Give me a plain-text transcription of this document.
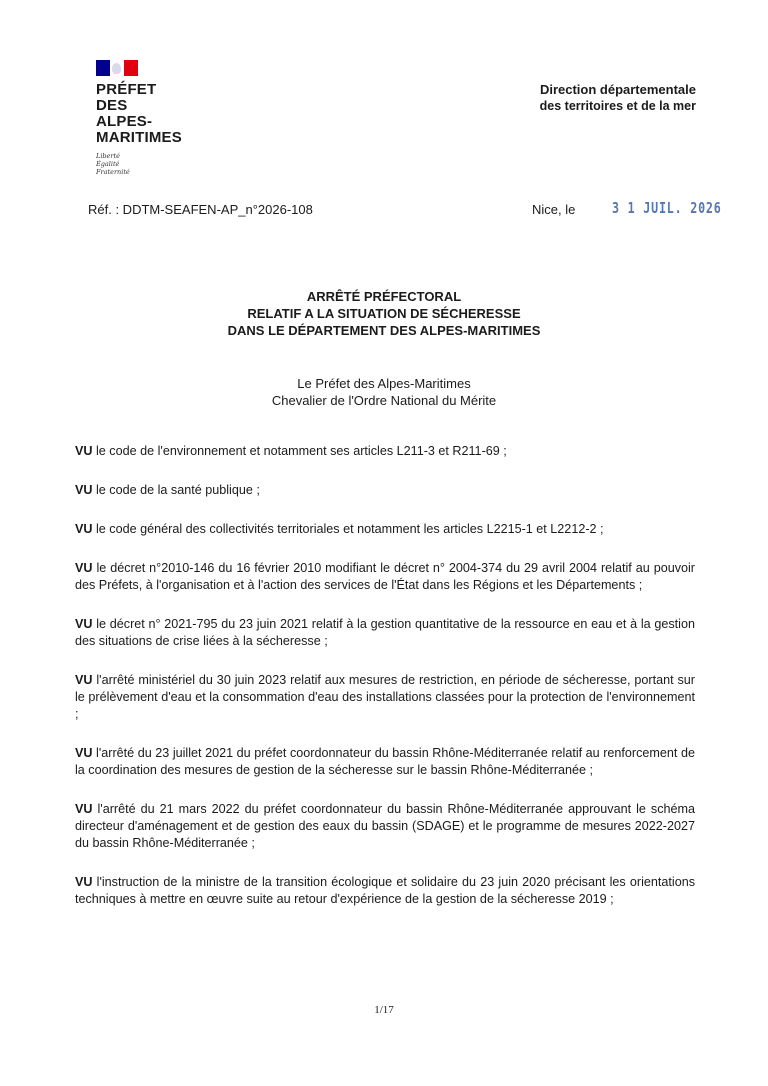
PRÉFET
DES ALPES-
MARITIMES
Liberté
Égalité
Fraternité
Direction départementale
des territoires et de la mer
Réf. : DDTM-SEAFEN-AP_n°2026-108	Nice, le 3 1 JUIL. 2026
ARRÊTÉ PRÉFECTORAL
RELATIF A LA SITUATION DE SÉCHERESSE
DANS LE DÉPARTEMENT DES ALPES-MARITIMES
Le Préfet des Alpes-Maritimes
Chevalier de l'Ordre National du Mérite

VU le code de l'environnement et notamment ses articles L211-3 et R211-69 ;

VU le code de la santé publique ;

VU le code général des collectivités territoriales et notamment les articles L2215-1 et L2212-2 ;

VU le décret n°2010-146 du 16 février 2010 modifiant le décret n° 2004-374 du 29 avril 2004 relatif au pouvoir des Préfets, à l'organisation et à l'action des services de l'État dans les Régions et les Départements ;

VU le décret n° 2021-795 du 23 juin 2021 relatif à la gestion quantitative de la ressource en eau et à la gestion des situations de crise liées à la sécheresse ;

VU l'arrêté ministériel du 30 juin 2023 relatif aux mesures de restriction, en période de sécheresse, portant sur le prélèvement d'eau et la consommation d'eau des installations classées pour la protection de l'environnement ;

VU l'arrêté du 23 juillet 2021 du préfet coordonnateur du bassin Rhône-Méditerranée relatif au renforcement de la coordination des mesures de gestion de la sécheresse sur le bassin Rhône-Méditerranée ;

VU l'arrêté du 21 mars 2022 du préfet coordonnateur du bassin Rhône-Méditerranée approuvant le schéma directeur d'aménagement et de gestion des eaux du bassin (SDAGE) et le programme de mesures 2022-2027 du bassin Rhône-Méditerranée ;

VU l'instruction de la ministre de la transition écologique et solidaire du 23 juin 2020 précisant les orientations techniques à mettre en œuvre suite au retour d'expérience de la gestion de la sécheresse 2019 ;

1/17
